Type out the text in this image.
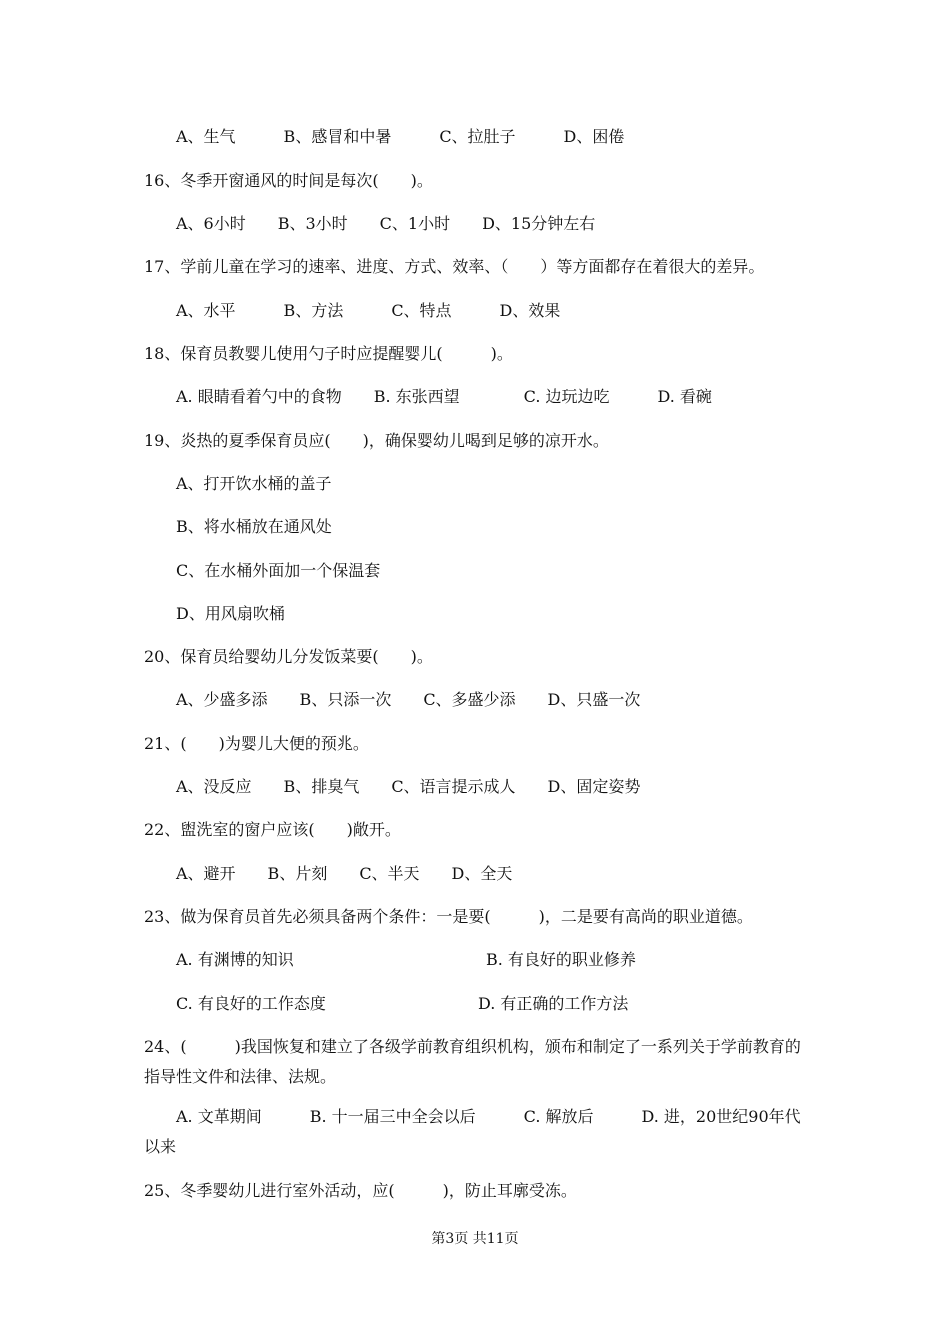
A、生气　　　B、感冒和中暑　　　C、拉肚子　　　D、困倦
16、冬季开窗通风的时间是每次(　　)。
A、6小时　　B、3小时　　C、1小时　　D、15分钟左右
17、学前儿童在学习的速率、进度、方式、效率、（　　）等方面都存在着很大的差异。
A、水平　　　B、方法　　　C、特点　　　D、效果
18、保育员教婴儿使用勺子时应提醒婴儿(　　　)。
A. 眼睛看着勺中的食物　　B. 东张西望　　　　C. 边玩边吃　　　D. 看碗
19、炎热的夏季保育员应(　　)，确保婴幼儿喝到足够的凉开水。
A、打开饮水桶的盖子
B、将水桶放在通风处
C、在水桶外面加一个保温套
D、用风扇吹桶
20、保育员给婴幼儿分发饭菜要(　　)。
A、少盛多添　　B、只添一次　　C、多盛少添　　D、只盛一次
21、(　　)为婴儿大便的预兆。
A、没反应　　B、排臭气　　C、语言提示成人　　D、固定姿势
22、盥洗室的窗户应该(　　)敞开。
A、避开　　B、片刻　　C、半天　　D、全天
23、做为保育员首先必须具备两个条件：一是要(　　　)，二是要有高尚的职业道德。
A. 有渊博的知识	B. 有良好的职业修养
C. 有良好的工作态度	D. 有正确的工作方法
24、(　　　)我国恢复和建立了各级学前教育组织机构，颁布和制定了一系列关于学前教育的指导性文件和法律、法规。
　　A. 文革期间　　　B. 十一届三中全会以后　　　C. 解放后　　　D. 进，20世纪90年代以来
25、冬季婴幼儿进行室外活动，应(　　　)，防止耳廓受冻。
第3页 共11页
